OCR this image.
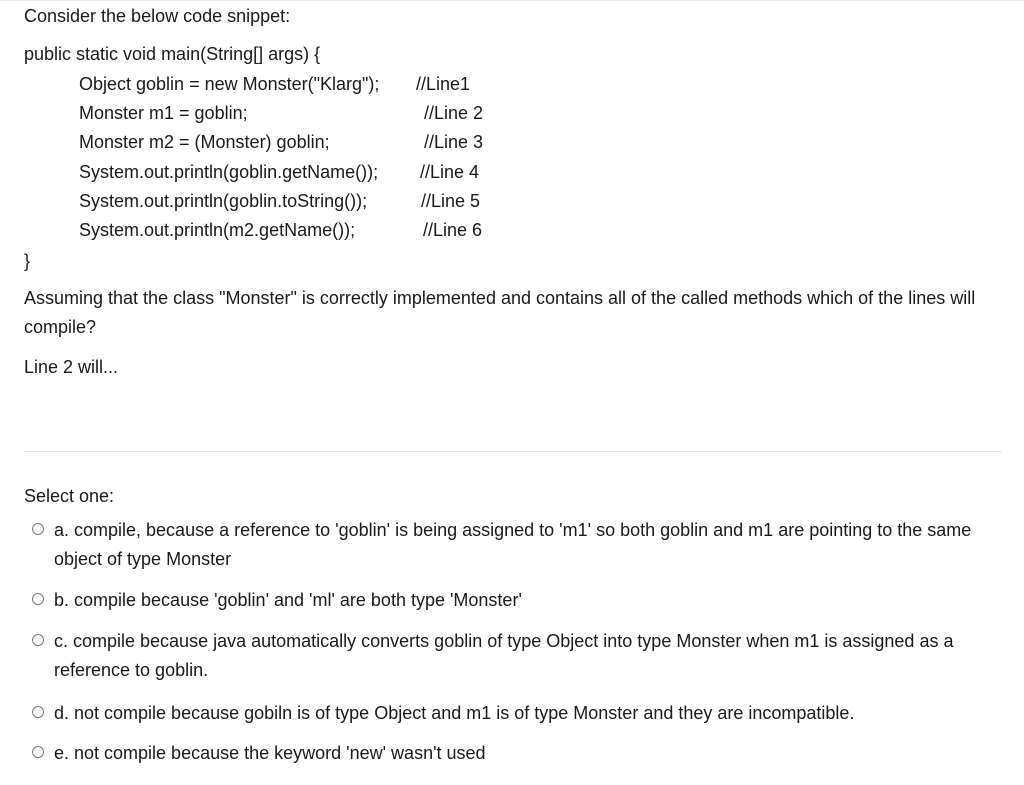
Consider the below code snippet:
public static void main(String[] args) {
Object goblin = new Monster("Klarg"); //Line1
Monster m1 = goblin;	//Line 2
Monster m2 = (Monster) goblin;	//Line 3
System.out.println(goblin.getName()); //Line 4
System.out.println(goblin.toString());	//Line 5
System.out.println(m2.getName());	//Line 6
}
Assuming that the class "Monster" is correctly implemented and contains all of the called methods which of the lines will compile?
Line 2 will...
Select one:
a. compile, because a reference to 'goblin' is being assigned to 'm1' so both goblin and m1 are pointing to the same object of type Monster
b. compile because 'goblin' and 'ml' are both type 'Monster'
c. compile because java automatically converts goblin of type Object into type Monster when m1 is assigned as a reference to goblin.
d. not compile because gobiln is of type Object and m1 is of type Monster and they are incompatible.
e. not compile because the keyword 'new' wasn't used
